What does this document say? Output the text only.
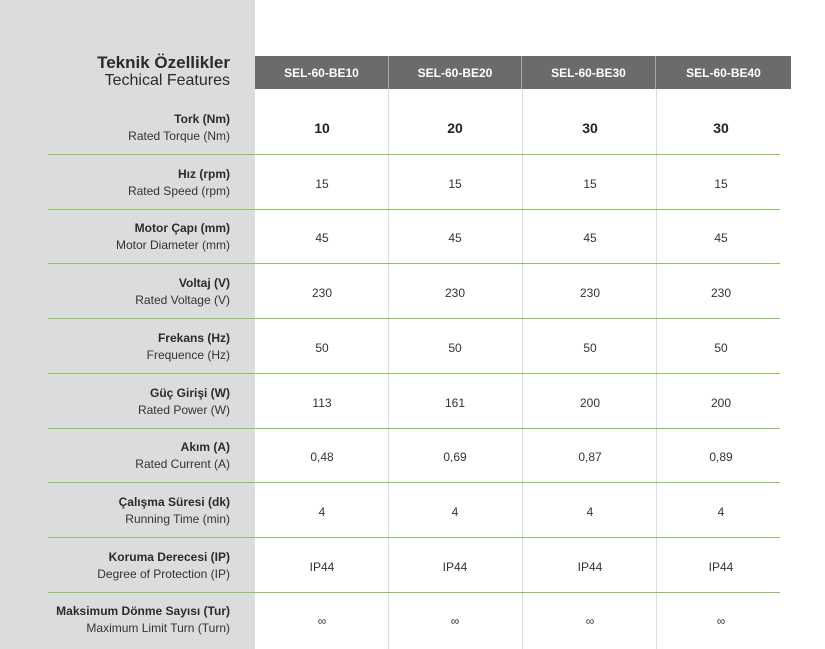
Teknik Özellikler
Techical Features	SEL-60-BE10	SEL-60-BE20	SEL-60-BE30	SEL-60-BE40
Tork (Nm)
Rated Torque (Nm)	10	20	30	30
Hız (rpm)
Rated Speed (rpm)	15	15	15	15
Motor Çapı (mm)
Motor Diameter (mm)	45	45	45	45
Voltaj (V)
Rated Voltage (V)	230	230	230	230
Frekans (Hz)
Frequence (Hz)	50	50	50	50
Güç Girişi (W)
Rated Power (W)	113	161	200	200
Akım (A)
Rated Current (A)	0,48	0,69	0,87	0,89
Çalışma Süresi (dk)
Running Time (min)	4	4	4	4
Koruma Derecesi (IP)
Degree of Protection (IP)	IP44	IP44	IP44	IP44
Maksimum Dönme Sayısı (Tur)
Maximum Limit Turn (Turn)	∞	∞	∞	∞
